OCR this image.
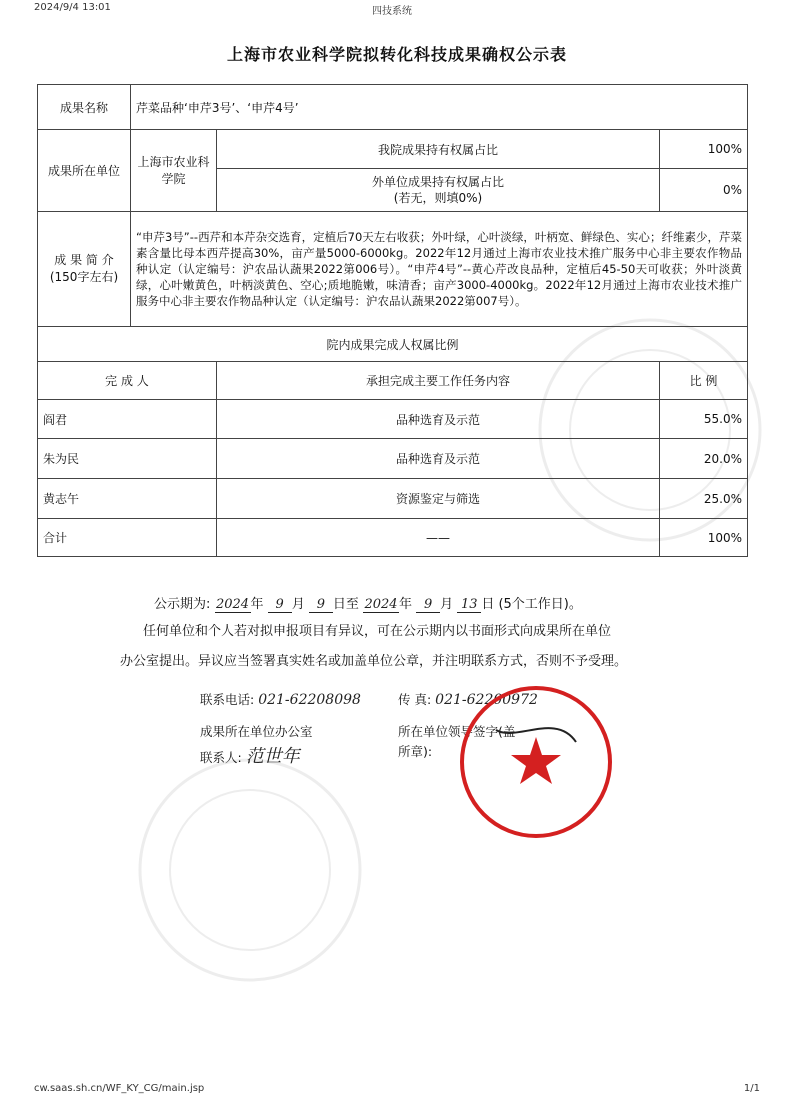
2024/9/4 13:01	四技系统
上海市农业科学院拟转化科技成果确权公示表
成果名称	芹菜品种‘申芹3号’、‘申芹4号’		
成果所在单位	上海市农业科学院	我院成果持有权属占比	100%
		外单位成果持有权属占比
(若无，则填0%)	0%
成 果 简 介
(150字左右)	“申芹3号”--西芹和本芹杂交选育，定植后70天左右收获；外叶绿，心叶淡绿，叶柄宽、鲜绿色、实心；纤维素少，芹菜素含量比母本西芹提高30%，亩产量5000-6000kg。2022年12月通过上海市农业技术推广服务中心非主要农作物品种认定（认定编号：沪农品认蔬果2022第006号）。“申芹4号”--黄心芹改良品种，定植后45-50天可收获；外叶淡黄绿，心叶嫩黄色，叶柄淡黄色、空心;质地脆嫩，味清香；亩产3000-4000kg。2022年12月通过上海市农业技术推广服务中心非主要农作物品种认定（认定编号：沪农品认蔬果2022第007号）。		
院内成果完成人权属比例			
完 成 人		承担完成主要工作任务内容	比 例
阎君		品种选育及示范	55.0%
朱为民		品种选育及示范	20.0%
黄志午		资源鉴定与筛选	25.0%
合计		——	100%
公示期为: 2024年 9 月 9 日至 2024年 9 月 13 日 (5个工作日)。
任何单位和个人若对拟申报项目有异议，可在公示期内以书面形式向成果所在单位
办公室提出。异议应当签署真实姓名或加盖单位公章，并注明联系方式，否则不予受理。
联系电话: 021-62208098	传 真: 021-62200972
成果所在单位办公室
联系人: 范世年
所在单位领导签字(盖
所章):
cw.saas.sh.cn/WF_KY_CG/main.jsp	1/1
